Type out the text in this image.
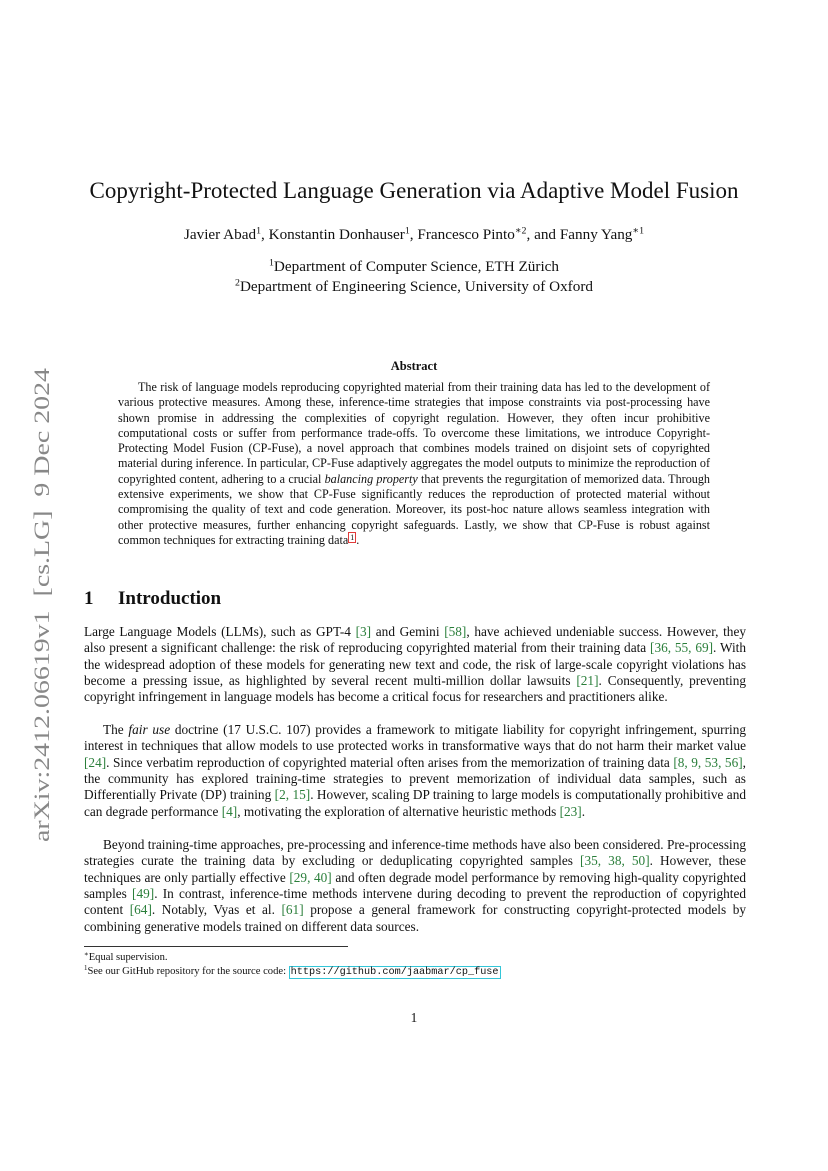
arXiv:2412.06619v1  [cs.LG]  9 Dec 2024
Copyright-Protected Language Generation via Adaptive Model Fusion
Javier Abad$^1$, Konstantin Donhauser$^1$, Francesco Pinto$^{∗2}$, and Fanny Yang$^{∗1}$
$^1$Department of Computer Science, ETH Zürich
$^2$Department of Engineering Science, University of Oxford
Abstract

The risk of language models reproducing copyrighted material from their training data has led to the development of various protective measures. Among these, inference-time strategies that impose constraints via post-processing have shown promise in addressing the complexities of copyright regulation. However, they often incur prohibitive computational costs or suffer from performance trade-offs. To overcome these limitations, we introduce Copyright-Protecting Model Fusion (CP-Fuse), a novel approach that combines models trained on disjoint sets of copyrighted material during inference. In particular, CP-Fuse adaptively aggregates the model outputs to minimize the reproduction of copyrighted content, adhering to a crucial balancing property that prevents the regurgitation of memorized data. Through extensive experiments, we show that CP-Fuse significantly reduces the reproduction of protected material without compromising the quality of text and code generation. Moreover, its post-hoc nature allows seamless integration with other protective measures, further enhancing copyright safeguards. Lastly, we show that CP-Fuse is robust against common techniques for extracting training data $^1$ .

1 Introduction

Large Language Models (LLMs), such as GPT-4 [3] and Gemini [58], have achieved undeniable success. However, they also present a significant challenge: the risk of reproducing copyrighted material from their training data [36, 55, 69]. With the widespread adoption of these models for generating new text and code, the risk of large-scale copyright violations has become a pressing issue, as highlighted by several recent multi-million dollar lawsuits [21]. Consequently, preventing copyright infringement in language models has become a critical focus for researchers and practitioners alike.

The fair use doctrine (17 U.S.C. 107) provides a framework to mitigate liability for copyright infringement, spurring interest in techniques that allow models to use protected works in transformative ways that do not harm their market value [24]. Since verbatim reproduction of copyrighted material often arises from the memorization of training data [8, 9, 53, 56], the community has explored training-time strategies to prevent memorization of individual data samples, such as Differentially Private (DP) training [2, 15]. However, scaling DP training to large models is computationally prohibitive and can degrade performance [4], motivating the exploration of alternative heuristic methods [23].

Beyond training-time approaches, pre-processing and inference-time methods have also been considered. Pre-processing strategies curate the training data by excluding or deduplicating copyrighted samples [35, 38, 50]. However, these techniques are only partially effective [29, 40] and often degrade model performance by removing high-quality copyrighted samples [49]. In contrast, inference-time methods intervene during decoding to prevent the reproduction of copyrighted content [64]. Notably, Vyas et al. [61] propose a general framework for constructing copyright-protected models by combining generative models trained on different data sources.

∗Equal supervision.
$^1$See our GitHub repository for the source code: https://github.com/jaabmar/cp_fuse
1
